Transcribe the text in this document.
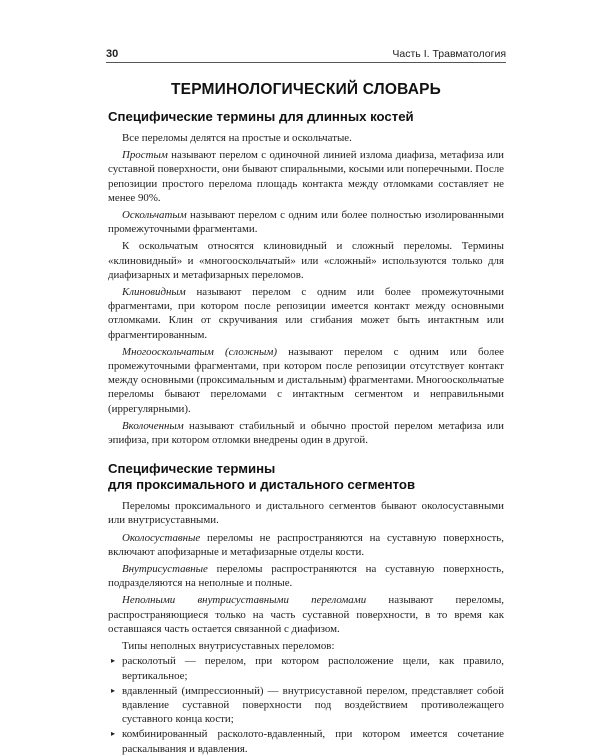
30	Часть I. Травматология
ТЕРМИНОЛОГИЧЕСКИЙ СЛОВАРЬ
Специфические термины для длинных костей

Все переломы делятся на простые и оскольчатые.

Простым называют перелом с одиночной линией излома диафиза, метафиза или суставной поверхности, они бывают спиральными, косыми или поперечными. После репозиции простого перелома площадь контакта между отломками составляет не менее 90%.

Оскольчатым называют перелом с одним или более полностью изолированными промежуточными фрагментами.

К оскольчатым относятся клиновидный и сложный переломы. Термины «клиновидный» и «многооскольчатый» или «сложный» используются только для диафизарных и метафизарных переломов.

Клиновидным называют перелом с одним или более промежуточными фрагментами, при котором после репозиции имеется контакт между основными отломками. Клин от скручивания или сгибания может быть интактным или фрагментированным.

Многооскольчатым (сложным) называют перелом с одним или более промежуточными фрагментами, при котором после репозиции отсутствует контакт между основными (проксимальным и дистальным) фрагментами. Многооскольчатые переломы бывают переломами с интактным сегментом и неправильными (иррегулярными).

Вколоченным называют стабильный и обычно простой перелом метафиза или эпифиза, при котором отломки внедрены один в другой.

Специфические термины
для проксимального и дистального сегментов

Переломы проксимального и дистального сегментов бывают околосуставными или внутрисуставными.

Околосуставные переломы не распространяются на суставную поверхность, включают апофизарные и метафизарные отделы кости.

Внутрисуставные переломы распространяются на суставную поверхность, подразделяются на неполные и полные.

Неполными внутрисуставными переломами называют переломы, распространяющиеся только на часть суставной поверхности, в то время как оставшаяся часть остается связанной с диафизом.

Типы неполных внутрисуставных переломов:

▸ расколотый — перелом, при котором расположение щели, как правило, вертикальное;
▸ вдавленный (импрессионный) — внутрисуставной перелом, представляет собой вдавление суставной поверхности под воздействием противолежащего суставного конца кости;
▸ комбинированный раcколото-вдавленный, при котором имеется сочетание раскалывания и вдавления.
